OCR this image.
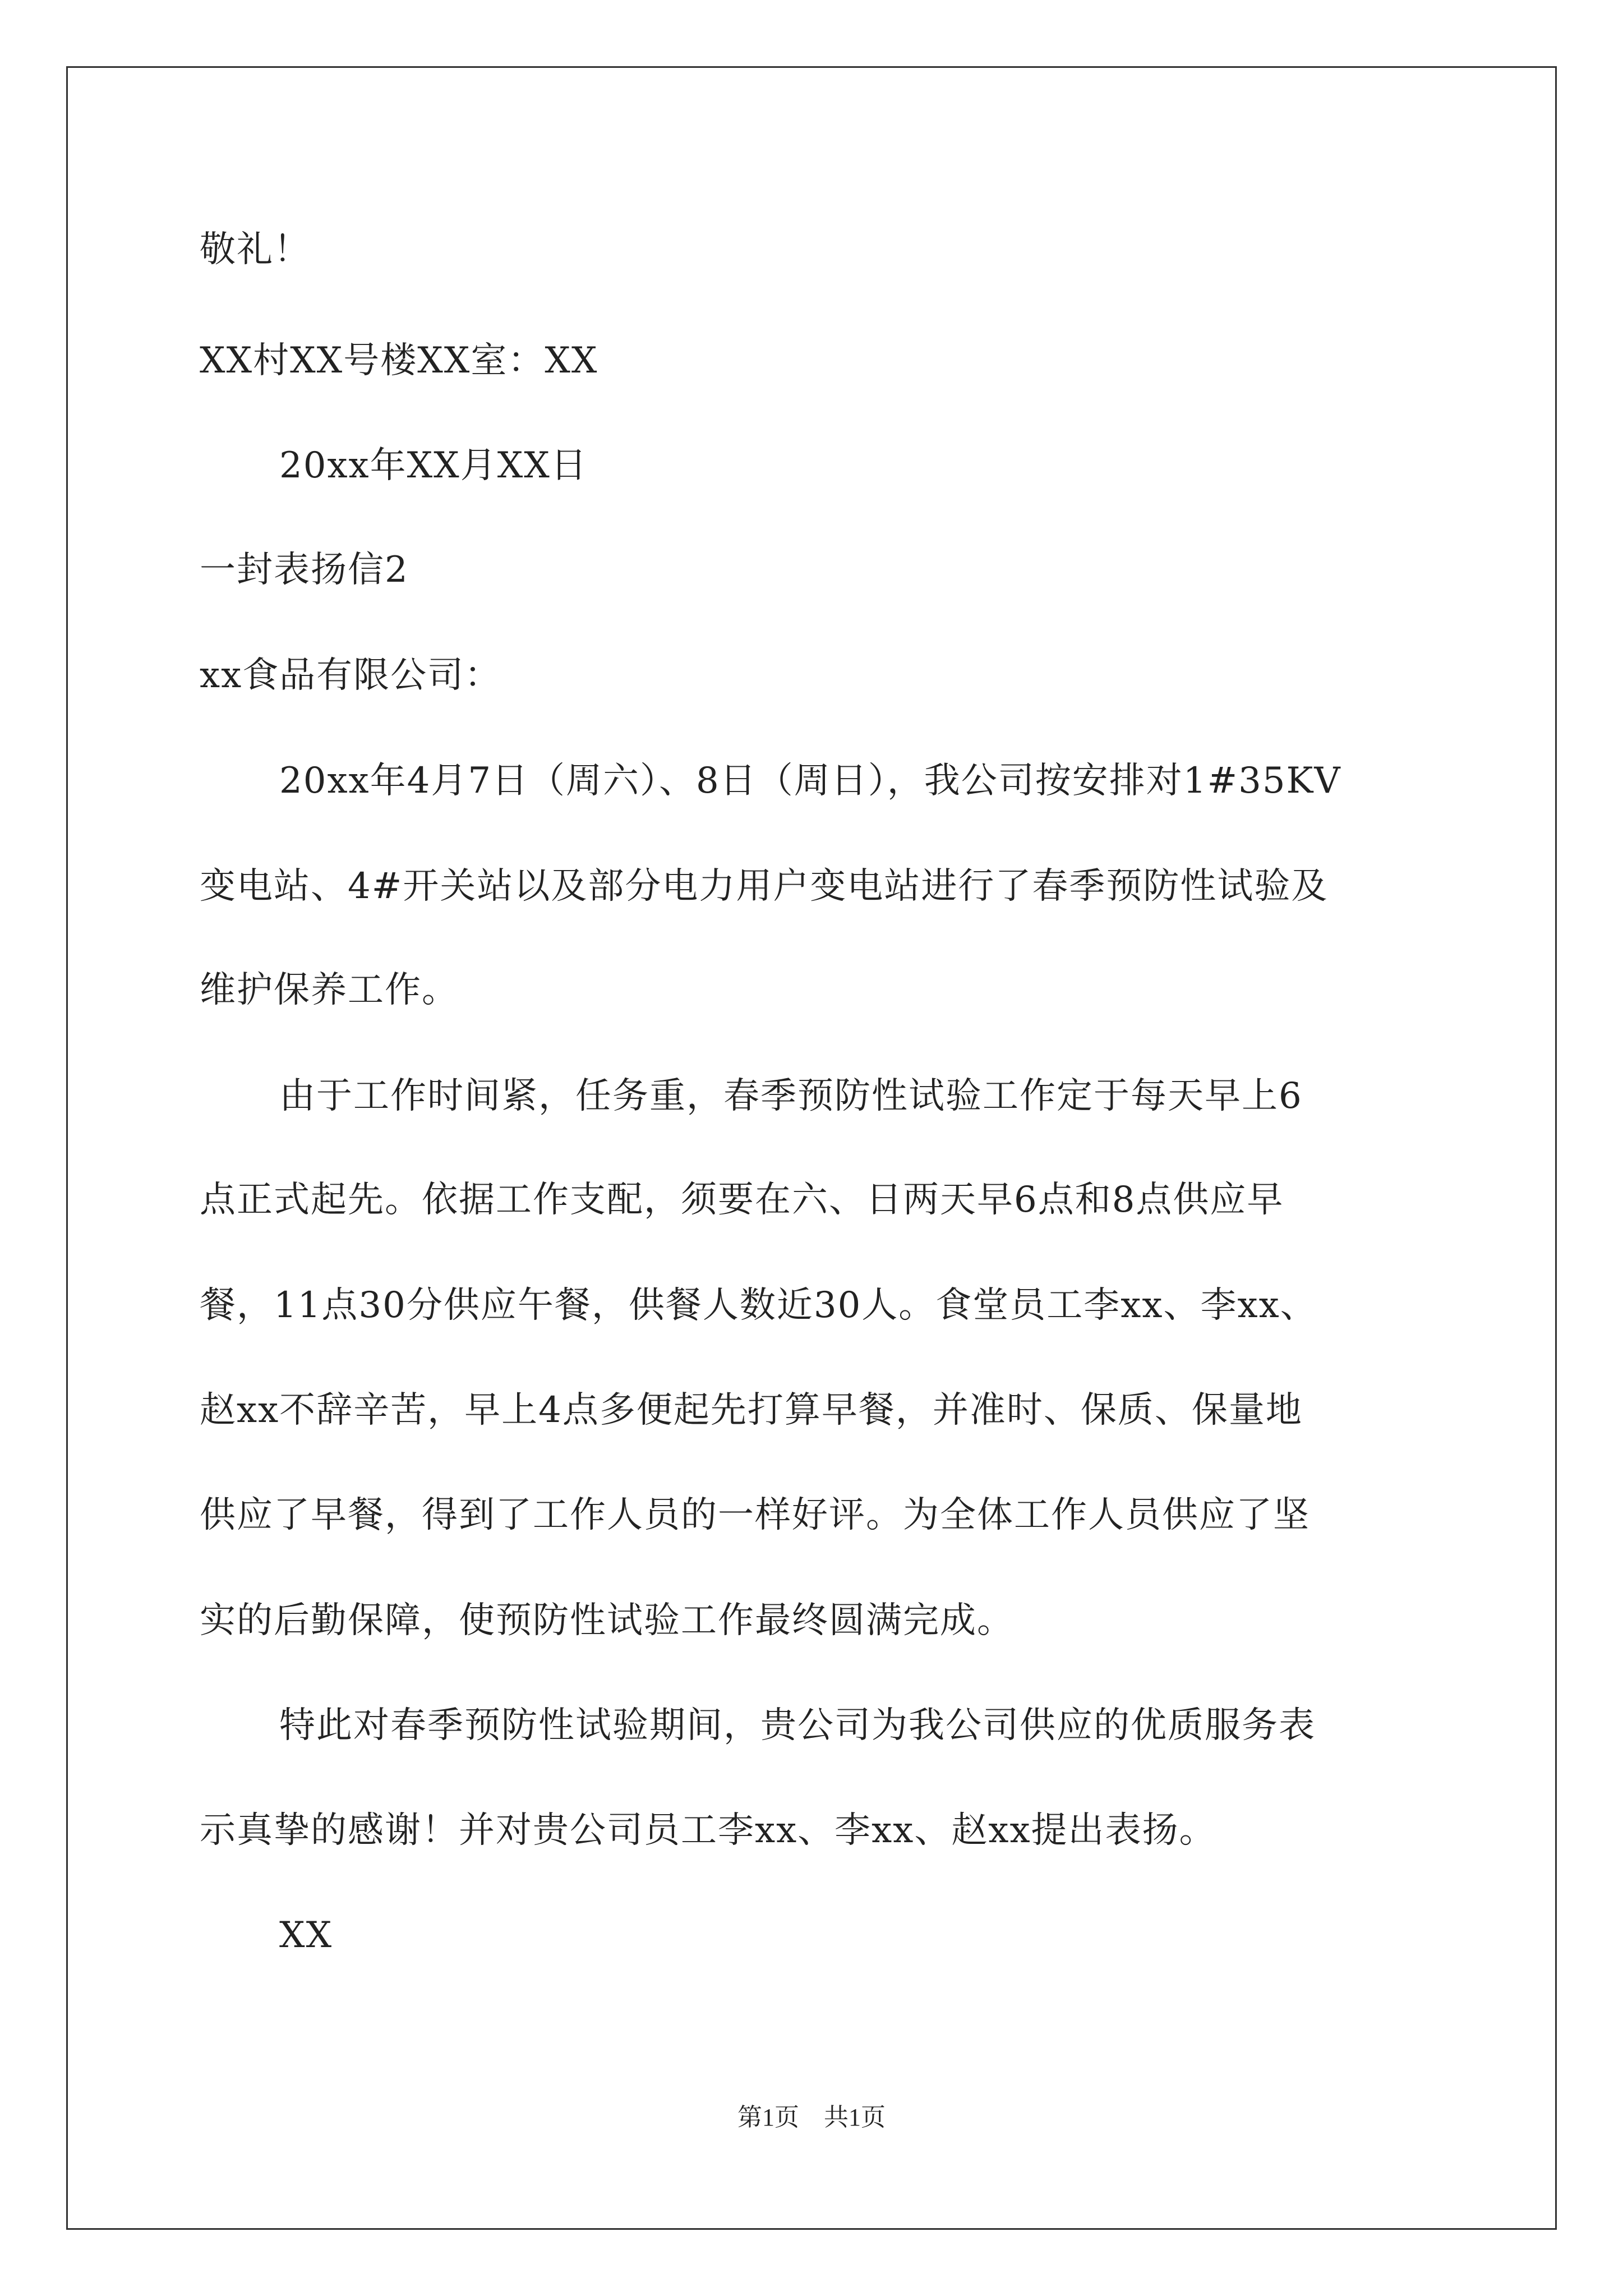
敬礼！
XX村XX号楼XX室：XX
20xx年XX月XX日
一封表扬信2
xx食品有限公司：
20xx年4月7日（周六）、8日（周日），我公司按安排对1#35KV
变电站、4#开关站以及部分电力用户变电站进行了春季预防性试验及
维护保养工作。
由于工作时间紧，任务重，春季预防性试验工作定于每天早上6
点正式起先。依据工作支配，须要在六、日两天早6点和8点供应早
餐，11点30分供应午餐，供餐人数近30人。食堂员工李xx、李xx、
赵xx不辞辛苦，早上4点多便起先打算早餐，并准时、保质、保量地
供应了早餐，得到了工作人员的一样好评。为全体工作人员供应了坚
实的后勤保障，使预防性试验工作最终圆满完成。
特此对春季预防性试验期间，贵公司为我公司供应的优质服务表
示真挚的感谢！并对贵公司员工李xx、李xx、赵xx提出表扬。
XX
第1页　共1页
